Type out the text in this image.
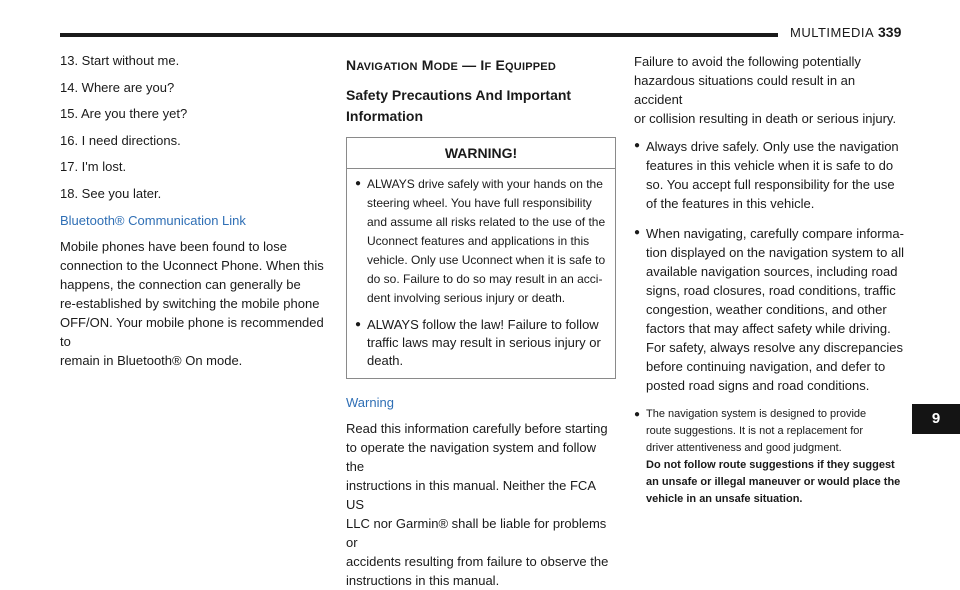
MULTIMEDIA 339

13. Start without me.

14. Where are you?

15. Are you there yet?

16. I need directions.

17. I'm lost.

18. See you later.

Bluetooth® Communication Link

Mobile phones have been found to lose
connection to the Uconnect Phone. When this
happens, the connection can generally be
re-established by switching the mobile phone
OFF/ON. Your mobile phone is recommended to
remain in Bluetooth® On mode.
NAVIGATION MODE — IF EQUIPPED
Safety Precautions And Important
Information
WARNING!
● ALWAYS drive safely with your hands on the
steering wheel. You have full responsibility
and assume all risks related to the use of the
Uconnect features and applications in this
vehicle. Only use Uconnect when it is safe to
do so. Failure to do so may result in an acci-
dent involving serious injury or death.
● ALWAYS follow the law! Failure to follow
traffic laws may result in serious injury or
death.

Warning

Read this information carefully before starting
to operate the navigation system and follow the
instructions in this manual. Neither the FCA US
LLC nor Garmin® shall be liable for problems or
accidents resulting from failure to observe the
instructions in this manual.
Failure to avoid the following potentially
hazardous situations could result in an accident
or collision resulting in death or serious injury.
● Always drive safely. Only use the navigation
features in this vehicle when it is safe to do
so. You accept full responsibility for the use
of the features in this vehicle.
● When navigating, carefully compare informa-
tion displayed on the navigation system to all
available navigation sources, including road
signs, road closures, road conditions, traffic
congestion, weather conditions, and other
factors that may affect safety while driving.
For safety, always resolve any discrepancies
before continuing navigation, and defer to
posted road signs and road conditions.
● The navigation system is designed to provide
route suggestions. It is not a replacement for
driver attentiveness and good judgment.
Do not follow route suggestions if they suggest
an unsafe or illegal maneuver or would place the
vehicle in an unsafe situation.
9
